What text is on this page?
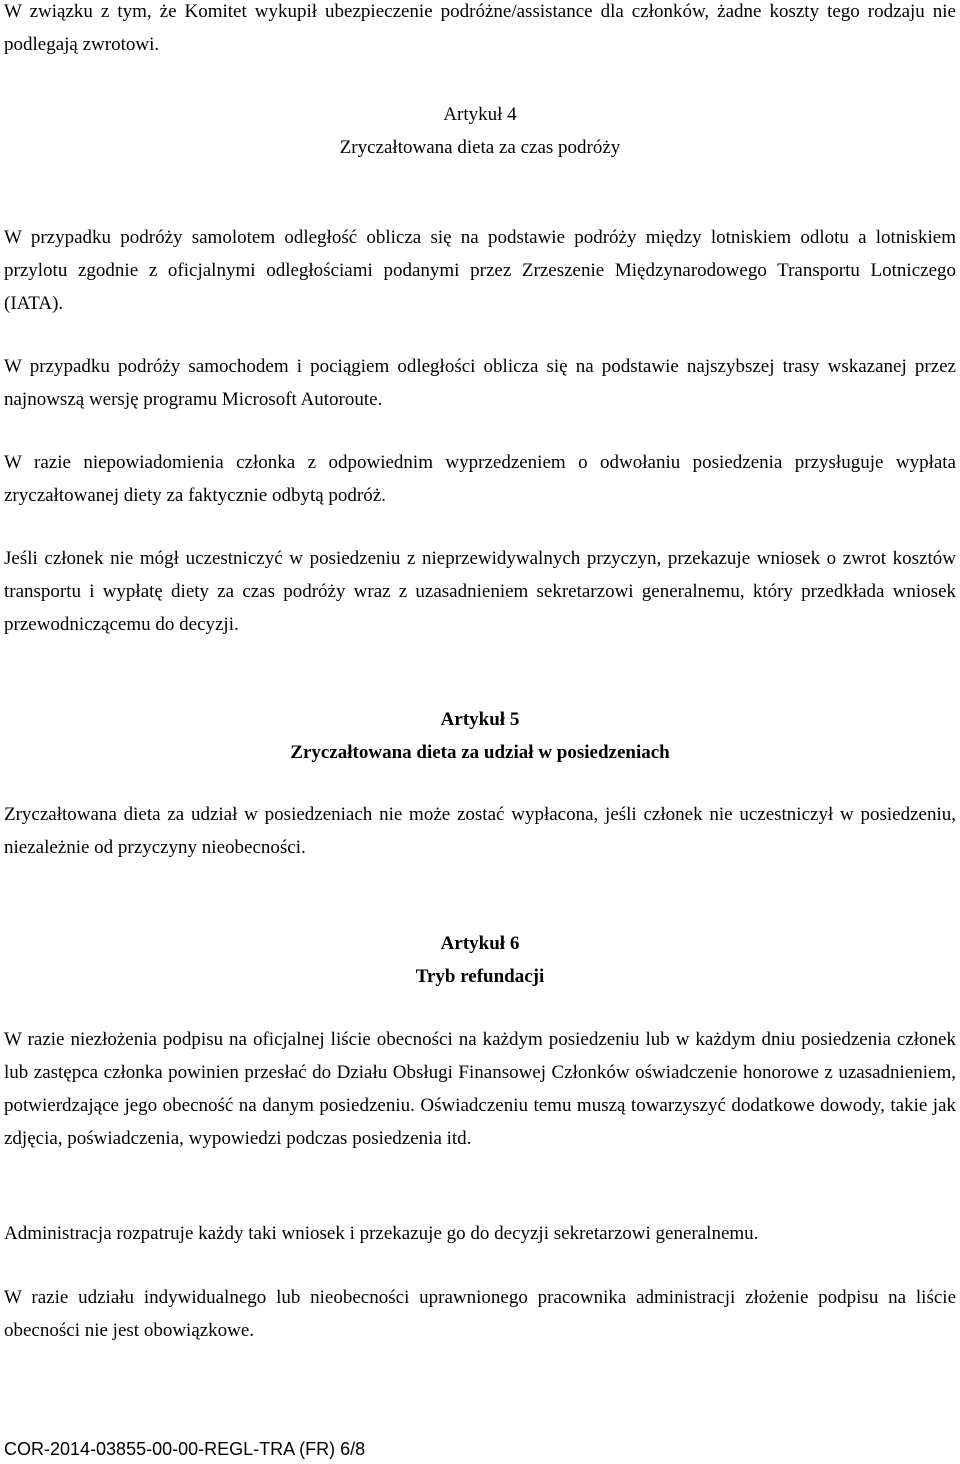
W związku z tym, że Komitet wykupił ubezpieczenie podróżne/assistance dla członków, żadne koszty tego rodzaju nie podlegają zwrotowi.

Artykuł 4

Zryczałtowana dieta za czas podróży

W przypadku podróży samolotem odległość oblicza się na podstawie podróży między lotniskiem odlotu a lotniskiem przylotu zgodnie z oficjalnymi odległościami podanymi przez Zrzeszenie Międzynarodowego Transportu Lotniczego (IATA).

W przypadku podróży samochodem i pociągiem odległości oblicza się na podstawie najszybszej trasy wskazanej przez najnowszą wersję programu Microsoft Autoroute.

W razie niepowiadomienia członka z odpowiednim wyprzedzeniem o odwołaniu posiedzenia przysługuje wypłata zryczałtowanej diety za faktycznie odbytą podróż.

Jeśli członek nie mógł uczestniczyć w posiedzeniu z nieprzewidywalnych przyczyn, przekazuje wniosek o zwrot kosztów transportu i wypłatę diety za czas podróży wraz z uzasadnieniem sekretarzowi generalnemu, który przedkłada wniosek przewodniczącemu do decyzji.

Artykuł 5

Zryczałtowana dieta za udział w posiedzeniach

Zryczałtowana dieta za udział w posiedzeniach nie może zostać wypłacona, jeśli członek nie uczestniczył w posiedzeniu, niezależnie od przyczyny nieobecności.

Artykuł 6

Tryb refundacji

W razie niezłożenia podpisu na oficjalnej liście obecności na każdym posiedzeniu lub w każdym dniu posiedzenia członek lub zastępca członka powinien przesłać do Działu Obsługi Finansowej Członków oświadczenie honorowe z uzasadnieniem, potwierdzające jego obecność na danym posiedzeniu. Oświadczeniu temu muszą towarzyszyć dodatkowe dowody, takie jak zdjęcia, poświadczenia, wypowiedzi podczas posiedzenia itd.

Administracja rozpatruje każdy taki wniosek i przekazuje go do decyzji sekretarzowi generalnemu.

W razie udziału indywidualnego lub nieobecności uprawnionego pracownika administracji złożenie podpisu na liście obecności nie jest obowiązkowe.

COR-2014-03855-00-00-REGL-TRA (FR) 6/8
